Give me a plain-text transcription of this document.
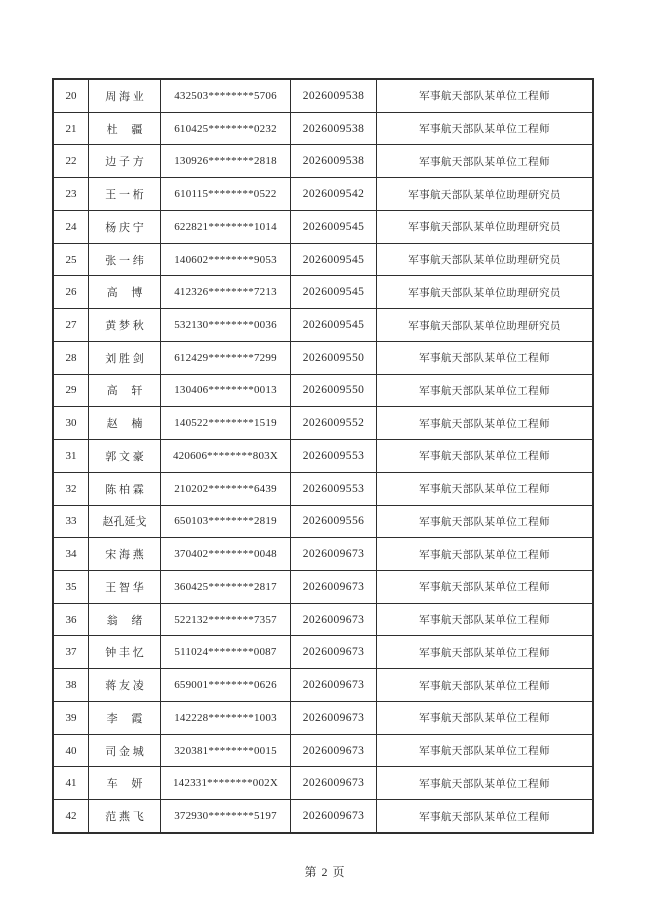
20	周 海 业	432503********5706	2026009538	军事航天部队某单位工程师
21	杜     疆	610425********0232	2026009538	军事航天部队某单位工程师
22	边 子 方	130926********2818	2026009538	军事航天部队某单位工程师
23	王 一 桁	610115********0522	2026009542	军事航天部队某单位助理研究员
24	杨 庆 宁	622821********1014	2026009545	军事航天部队某单位助理研究员
25	张 一 纬	140602********9053	2026009545	军事航天部队某单位助理研究员
26	高     博	412326********7213	2026009545	军事航天部队某单位助理研究员
27	黄 梦 秋	532130********0036	2026009545	军事航天部队某单位助理研究员
28	刘 胜 剑	612429********7299	2026009550	军事航天部队某单位工程师
29	高     轩	130406********0013	2026009550	军事航天部队某单位工程师
30	赵     楠	140522********1519	2026009552	军事航天部队某单位工程师
31	郭 文 豪	420606********803X	2026009553	军事航天部队某单位工程师
32	陈 柏 霖	210202********6439	2026009553	军事航天部队某单位工程师
33	赵孔延戈	650103********2819	2026009556	军事航天部队某单位工程师
34	宋 海 燕	370402********0048	2026009673	军事航天部队某单位工程师
35	王 智 华	360425********2817	2026009673	军事航天部队某单位工程师
36	翁     绪	522132********7357	2026009673	军事航天部队某单位工程师
37	钟 丰 忆	511024********0087	2026009673	军事航天部队某单位工程师
38	蒋 友 凌	659001********0626	2026009673	军事航天部队某单位工程师
39	李     霞	142228********1003	2026009673	军事航天部队某单位工程师
40	司 金 城	320381********0015	2026009673	军事航天部队某单位工程师
41	车     妍	142331********002X	2026009673	军事航天部队某单位工程师
42	范 燕 飞	372930********5197	2026009673	军事航天部队某单位工程师
第 2 页
